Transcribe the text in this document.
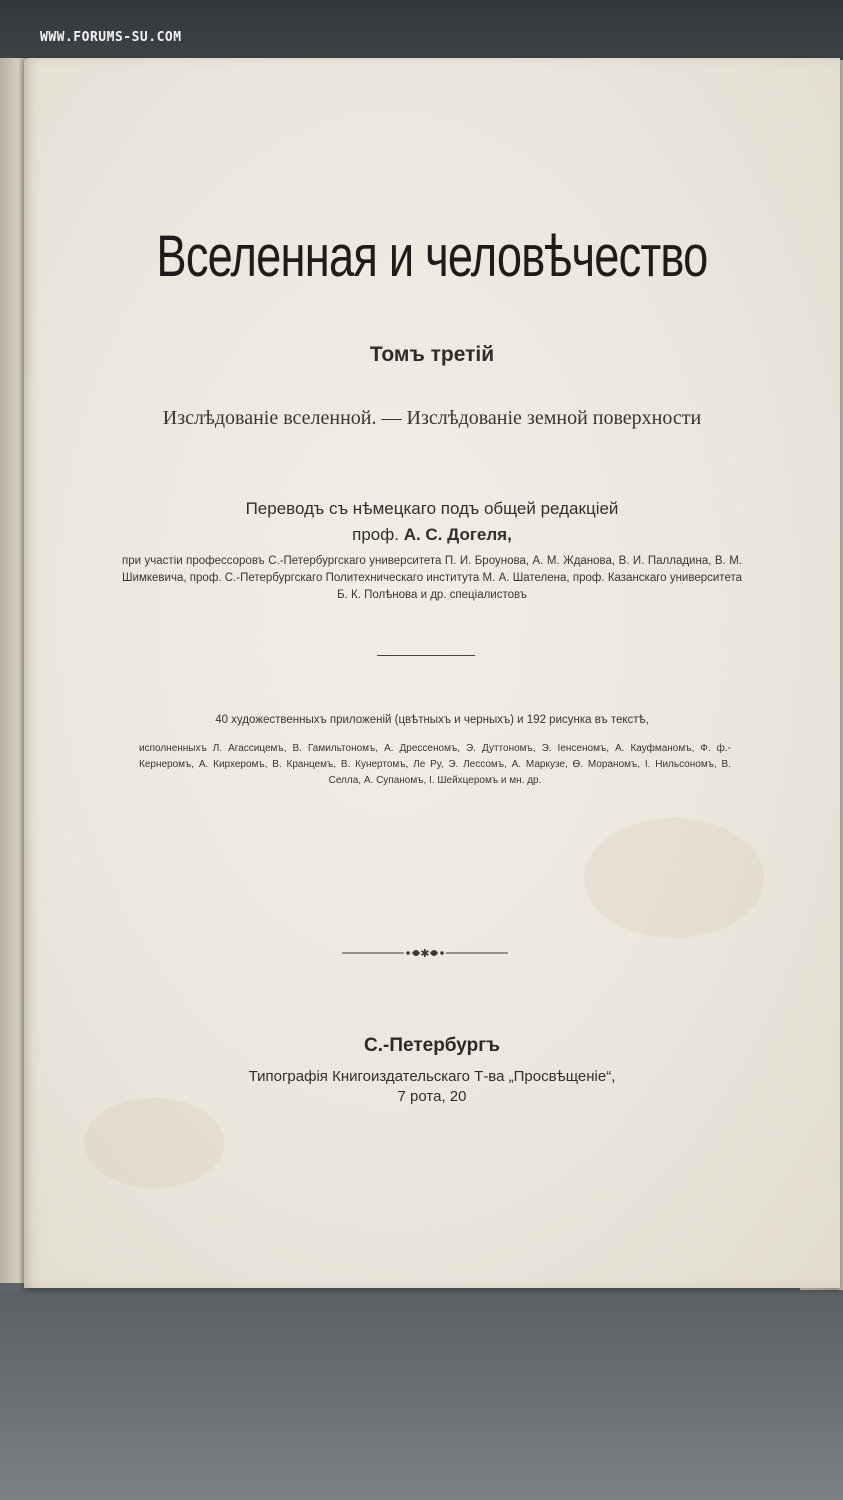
WWW.FORUMS-SU.COM
Вселенная и человѣчество
Томъ третій
Изслѣдованіе вселенной. — Изслѣдованіе земной поверхности
Переводъ съ нѣмецкаго подъ общей редакціей
проф. А. С. Догеля,
при участіи профессоровъ С.-Петербургскаго университета П. И. Броунова, А. М. Жданова, В. И. Палладина, В. М. Шимкевича, проф. С.-Петербургскаго Политехническаго института М. А. Шателена, проф. Казанскаго университета Б. К. Полѣнова и др. спеціалистовъ
40 художественныхъ приложеній (цвѣтныхъ и черныхъ) и 192 рисунка въ текстѣ,
исполненныхъ Л. Агассицемъ, В. Гамильтономъ, А. Дрессеномъ, Э. Дуттономъ, Э. Іенсеномъ, А. Кауфманомъ, Ф. ф.-Кернеромъ, А. Кирхеромъ, В. Кранцемъ, В. Кунертомъ, Ле Ру, Э. Лессомъ, А. Маркузе, Ѳ. Мораномъ, І. Нильсономъ, В. Селла, А. Супаномъ, І. Шейхцеромъ и мн. др.
✱
С.-Петербургъ
Типографія Книгоиздательскаго Т-ва „Просвѣщеніе“,
7 рота, 20
